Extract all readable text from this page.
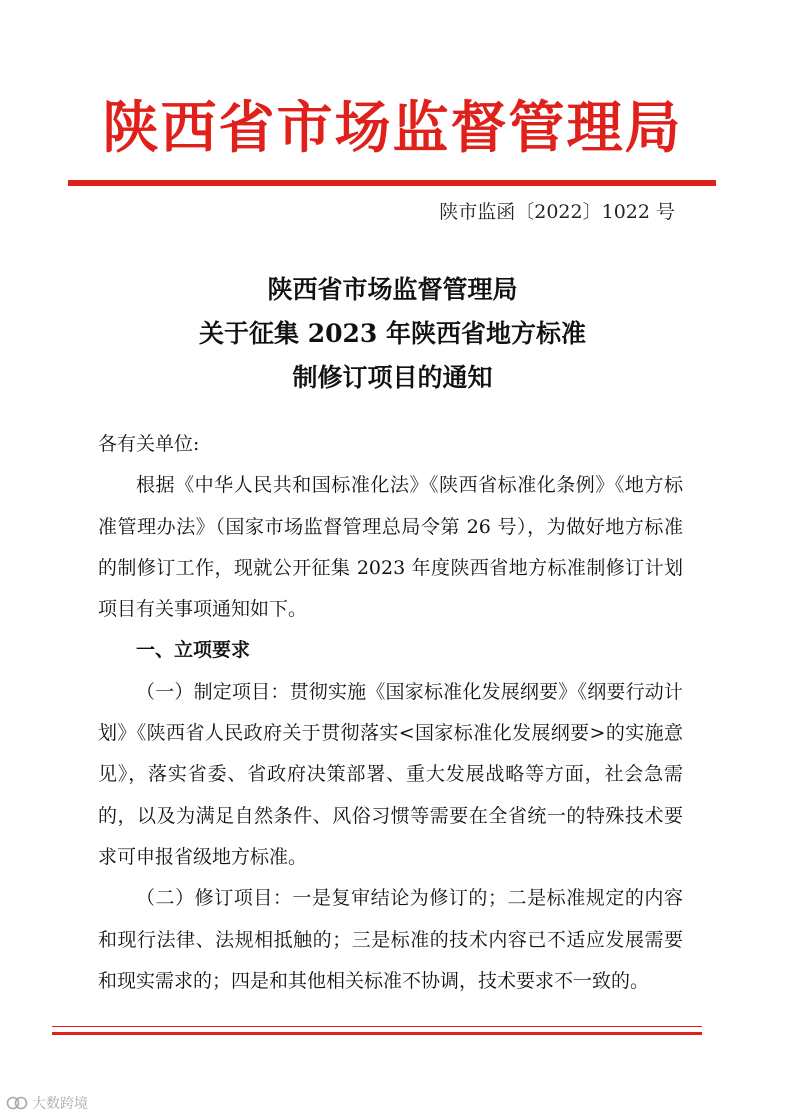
陕西省市场监督管理局
陕市监函〔2022〕1022 号
陕西省市场监督管理局
关于征集 2023 年陕西省地方标准
制修订项目的通知

各有关单位:

根据《中华人民共和国标准化法》《陕西省标准化条例》《地方标准管理办法》（国家市场监督管理总局令第 26 号），为做好地方标准的制修订工作，现就公开征集 2023 年度陕西省地方标准制修订计划项目有关事项通知如下。

一、立项要求

（一）制定项目：贯彻实施《国家标准化发展纲要》《纲要行动计划》《陕西省人民政府关于贯彻落实<国家标准化发展纲要>的实施意见》，落实省委、省政府决策部署、重大发展战略等方面，社会急需的，以及为满足自然条件、风俗习惯等需要在全省统一的特殊技术要求可申报省级地方标准。

（二）修订项目：一是复审结论为修订的；二是标准规定的内容和现行法律、法规相抵触的；三是标准的技术内容已不适应发展需要和现实需求的；四是和其他相关标准不协调，技术要求不一致的。

大数跨境
